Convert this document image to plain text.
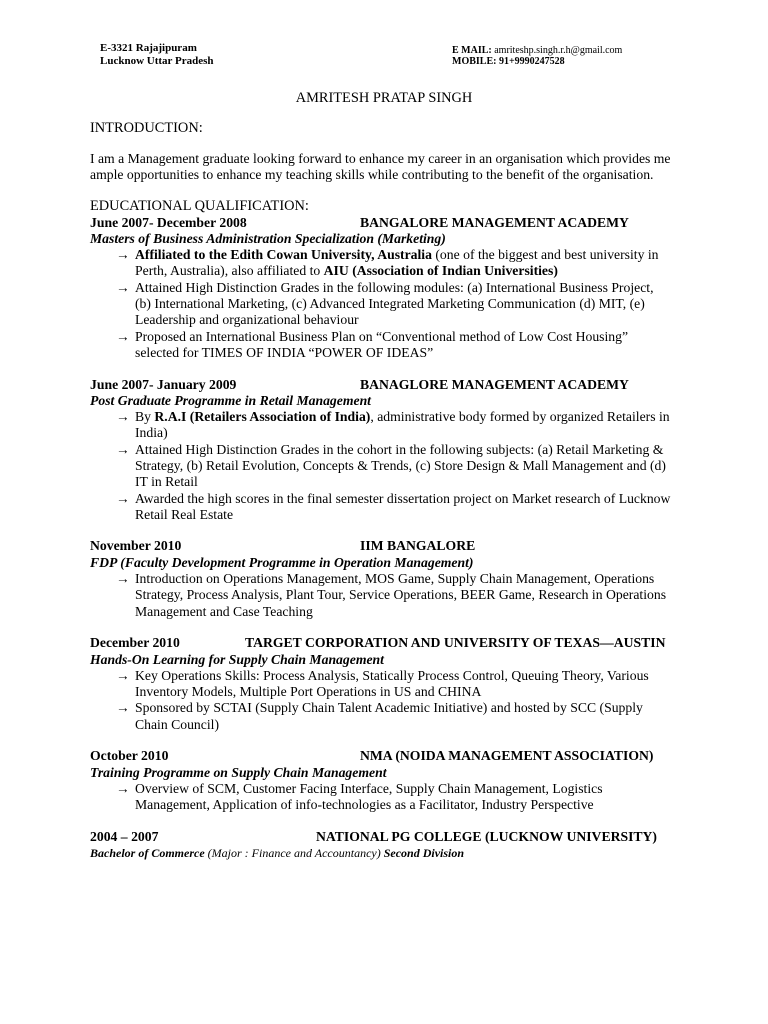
E-3321 Rajajipuram
Lucknow Uttar Pradesh
E MAIL: amriteshp.singh.r.h@gmail.com
MOBILE: 91+9990247528
AMRITESH PRATAP SINGH
INTRODUCTION:
I am a Management graduate looking forward to enhance my career in an organisation which provides me
ample opportunities to enhance my teaching skills while contributing to the benefit of the organisation.
EDUCATIONAL QUALIFICATION:
June 2007- December 2008	BANGALORE MANAGEMENT ACADEMY
Masters of Business Administration Specialization (Marketing)
→ Affiliated to the Edith Cowan University, Australia (one of the biggest and best university in
Perth, Australia), also affiliated to AIU (Association of Indian Universities)
→ Attained High Distinction Grades in the following modules: (a) International Business Project,
(b) International Marketing, (c) Advanced Integrated Marketing Communication (d) MIT, (e)
Leadership and organizational behaviour
→ Proposed an International Business Plan on “Conventional method of Low Cost Housing”
selected for TIMES OF INDIA “POWER OF IDEAS”
June 2007- January 2009	BANAGLORE MANAGEMENT ACADEMY
Post Graduate Programme in Retail Management
→ By R.A.I (Retailers Association of India), administrative body formed by organized Retailers in
India)
→ Attained High Distinction Grades in the cohort in the following subjects: (a) Retail Marketing &
Strategy, (b) Retail Evolution, Concepts & Trends, (c) Store Design & Mall Management and (d)
IT in Retail
→ Awarded the high scores in the final semester dissertation project on Market research of Lucknow
Retail Real Estate
November 2010	IIM BANGALORE
FDP (Faculty Development Programme in Operation Management)
→ Introduction on Operations Management, MOS Game, Supply Chain Management, Operations
Strategy, Process Analysis, Plant Tour, Service Operations, BEER Game, Research in Operations
Management and Case Teaching
December 2010	TARGET CORPORATION AND UNIVERSITY OF TEXAS—AUSTIN
Hands-On Learning for Supply Chain Management
→ Key Operations Skills: Process Analysis, Statically Process Control, Queuing Theory, Various
Inventory Models, Multiple Port Operations in US and CHINA
→ Sponsored by SCTAI (Supply Chain Talent Academic Initiative) and hosted by SCC (Supply
Chain Council)
October 2010	NMA (NOIDA MANAGEMENT ASSOCIATION)
Training Programme on Supply Chain Management
→ Overview of SCM, Customer Facing Interface, Supply Chain Management, Logistics
Management, Application of info-technologies as a Facilitator, Industry Perspective
2004 – 2007	NATIONAL PG COLLEGE (LUCKNOW UNIVERSITY)
Bachelor of Commerce (Major : Finance and Accountancy) Second Division
